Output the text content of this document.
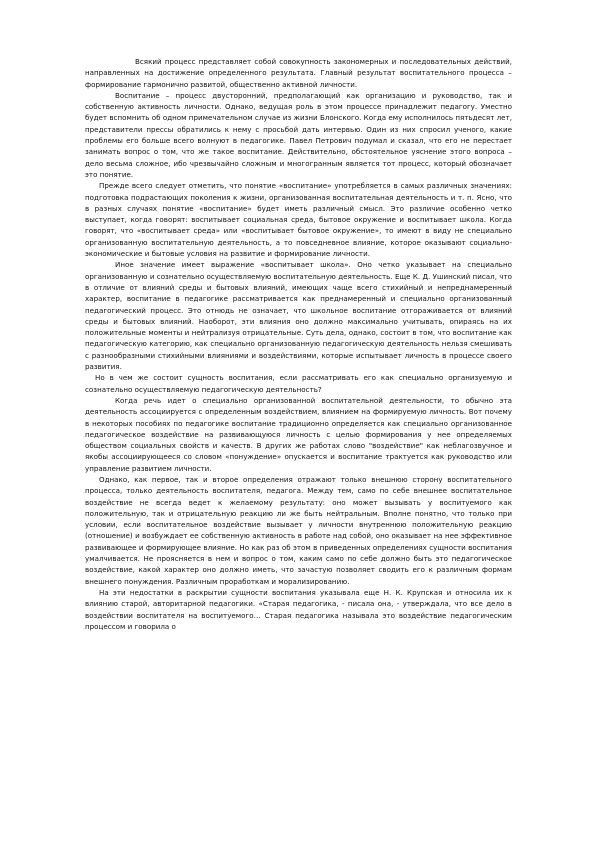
Всякий процесс представляет собой совокупность закономерных и последовательных действий, направленных на достижение определенного результата. Главный результат воспитательного процесса – формирование гармонично развитой, общественно активной личности.

Воспитание – процесс двусторонний, предполагающий как организацию и руководство, так и собственную активность личности. Однако, ведущая роль в этом процессе принадлежит педагогу. Уместно будет вспомнить об одном примечательном случае из жизни Блонского. Когда ему исполнилось пятьдесят лет, представители прессы обратились к нему с просьбой дать интервью. Один из них спросил ученого, какие проблемы его больше всего волнуют в педагогике. Павел Петрович подумал и сказал, что его не перестает занимать вопрос о том, что же такое воспитание. Действительно, обстоятельное уяснение этого вопроса – дело весьма сложное, ибо чрезвычайно сложным и многогранным является тот процесс, который обозначает это понятие.

Прежде всего следует отметить, что понятие «воспитание» употребляется в самых различных значениях: подготовка подрастающих поколения к жизни, организованная воспитательная деятельность и т. п. Ясно, что в разных случаях понятие «воспитание» будет иметь различный смысл. Это различие особенно четко выступает, когда говорят: воспитывает социальная среда, бытовое окружение и воспитывает школа. Когда говорят, что «воспитывает среда» или «воспитывает бытовое окружение», то имеют в виду не специально организованную воспитательную деятельность, а то повседневное влияние, которое оказывают социально-экономические и бытовые условия на развитие и формирование личности.

Иное значение имеет выражение «воспитывает школа». Оно четко указывает на специально организованную и сознательно осуществляемую воспитательную деятельность. Еще К. Д. Ушинский писал, что в отличие от влияний среды и бытовых влияний, имеющих чаще всего стихийный и непреднамеренный характер, воспитание в педагогике рассматривается как преднамеренный и специально организованный педагогический процесс. Это отнюдь не означает, что школьное воспитание отгораживается от влияний среды и бытовых влияний. Наоборот, эти влияния оно должно максимально учитывать, опираясь на их положительные моменты и нейтрализуя отрицательные. Суть дела, однако, состоит в том, что воспитание как педагогическую категорию, как специально организованную педагогическую деятельность нельзя смешивать с разнообразными стихийными влияниями и воздействиями, которые испытывает личность в процессе своего развития.

Но в чем же состоит сущность воспитания, если рассматривать его как специально организуемую и сознательно осуществляемую педагогическую деятельность?

Когда речь идет о специально организованной воспитательной деятельности, то обычно эта деятельность ассоциируется с определенным воздействием, влиянием на формируемую личность. Вот почему в некоторых пособиях по педагогике воспитание традиционно определяется как специально организованное педагогическое воздействие на развивающуюся личность с целью формирования у нее определяемых обществом социальных свойств и качеств. В других же работах слово "воздействие" как неблагозвучное и якобы ассоциирующееся со словом «понуждение» опускается и воспитание трактуется как руководство или управление развитием личности.

Однако, как первое, так и второе определения отражают только внешнюю сторону воспитательного процесса, только деятельность воспитателя, педагога. Между тем, само по себе внешнее воспитательное воздействие не всегда ведет к желаемому результату: оно может вызывать у воспитуемого как положительную, так и отрицательную реакцию ли же быть нейтральным. Вполне понятно, что только при условии, если воспитательное воздействие вызывает у личности внутреннюю положительную реакцию (отношение) и возбуждает ее собственную активность в работе над собой, оно оказывает на нее эффективное развивающее и формирующее влияние. Но как раз об этом в приведенных определениях сущности воспитания умалчивается. Не проясняется в нем и вопрос о том, каким само по себе должно быть это педагогическое воздействие, какой характер оно должно иметь, что зачастую позволяет сводить его к различным формам внешнего понуждения. Различным проработкам и морализированию.

На эти недостатки в раскрытии сущности воспитания указывала еще Н. К. Крупская и относила их к влиянию старой, авторитарной педагогики. «Старая педагогика, - писала она, - утверждала, что все дело в воздействии воспитателя на воспитуемого… Старая педагогика называла это воздействие педагогическим процессом и говорила о
